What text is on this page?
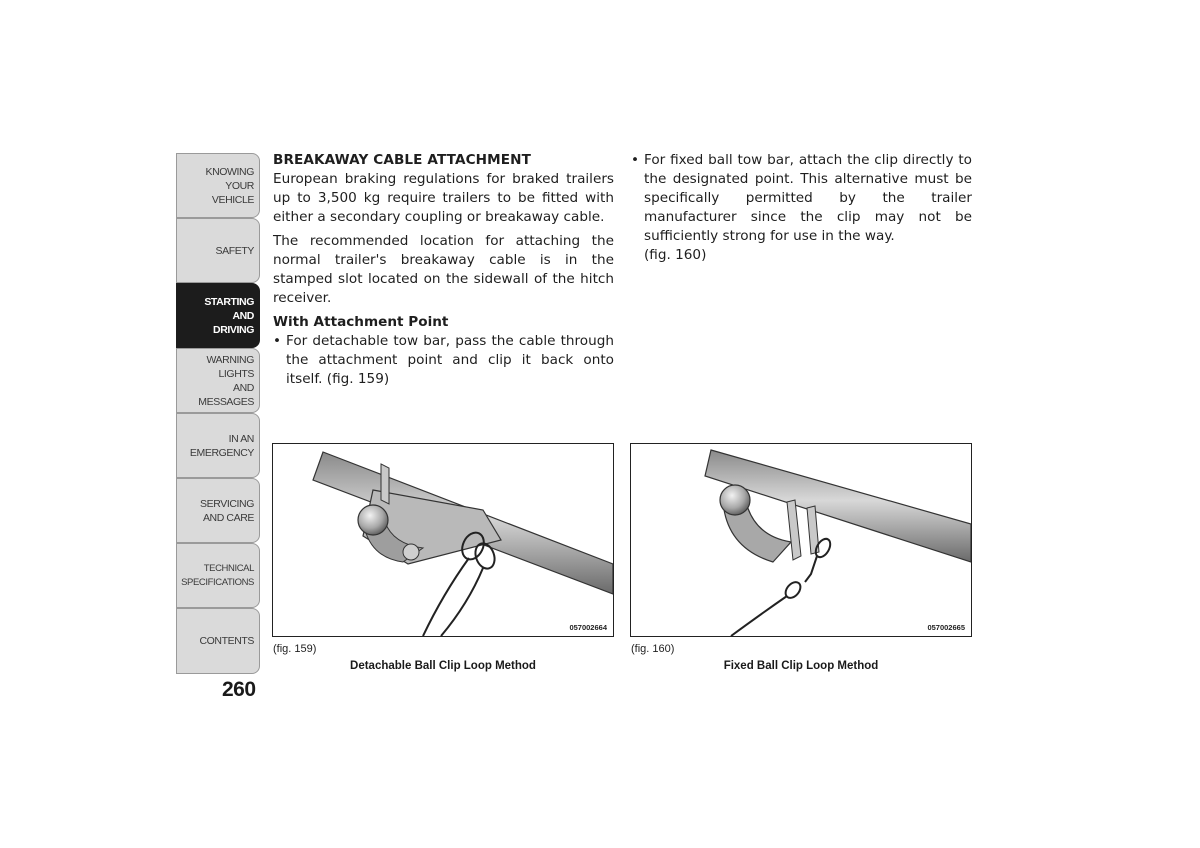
KNOWING
YOUR
VEHICLE
SAFETY
STARTING
AND
DRIVING
WARNING
LIGHTS
AND
MESSAGES
IN AN
EMERGENCY
SERVICING
AND CARE
TECHNICAL
SPECIFICATIONS
CONTENTS
260

BREAKAWAY CABLE ATTACHMENT

European braking regulations for braked trailers up to 3,500 kg require trailers to be fitted with either a secondary coupling or breakaway cable.

The recommended location for attaching the normal trailer's breakaway cable is in the stamped slot located on the sidewall of the hitch receiver.

With Attachment Point

• For detachable tow bar, pass the cable through the attachment point and clip it back onto itself. (fig. 159)

• For fixed ball tow bar, attach the clip directly to the designated point. This alternative must be specifically permitted by the trailer manufacturer since the clip may not be sufficiently strong for use in the way.
(fig. 160)

057002664
(fig. 159)
Detachable Ball Clip Loop Method
057002665
(fig. 160)
Fixed Ball Clip Loop Method
